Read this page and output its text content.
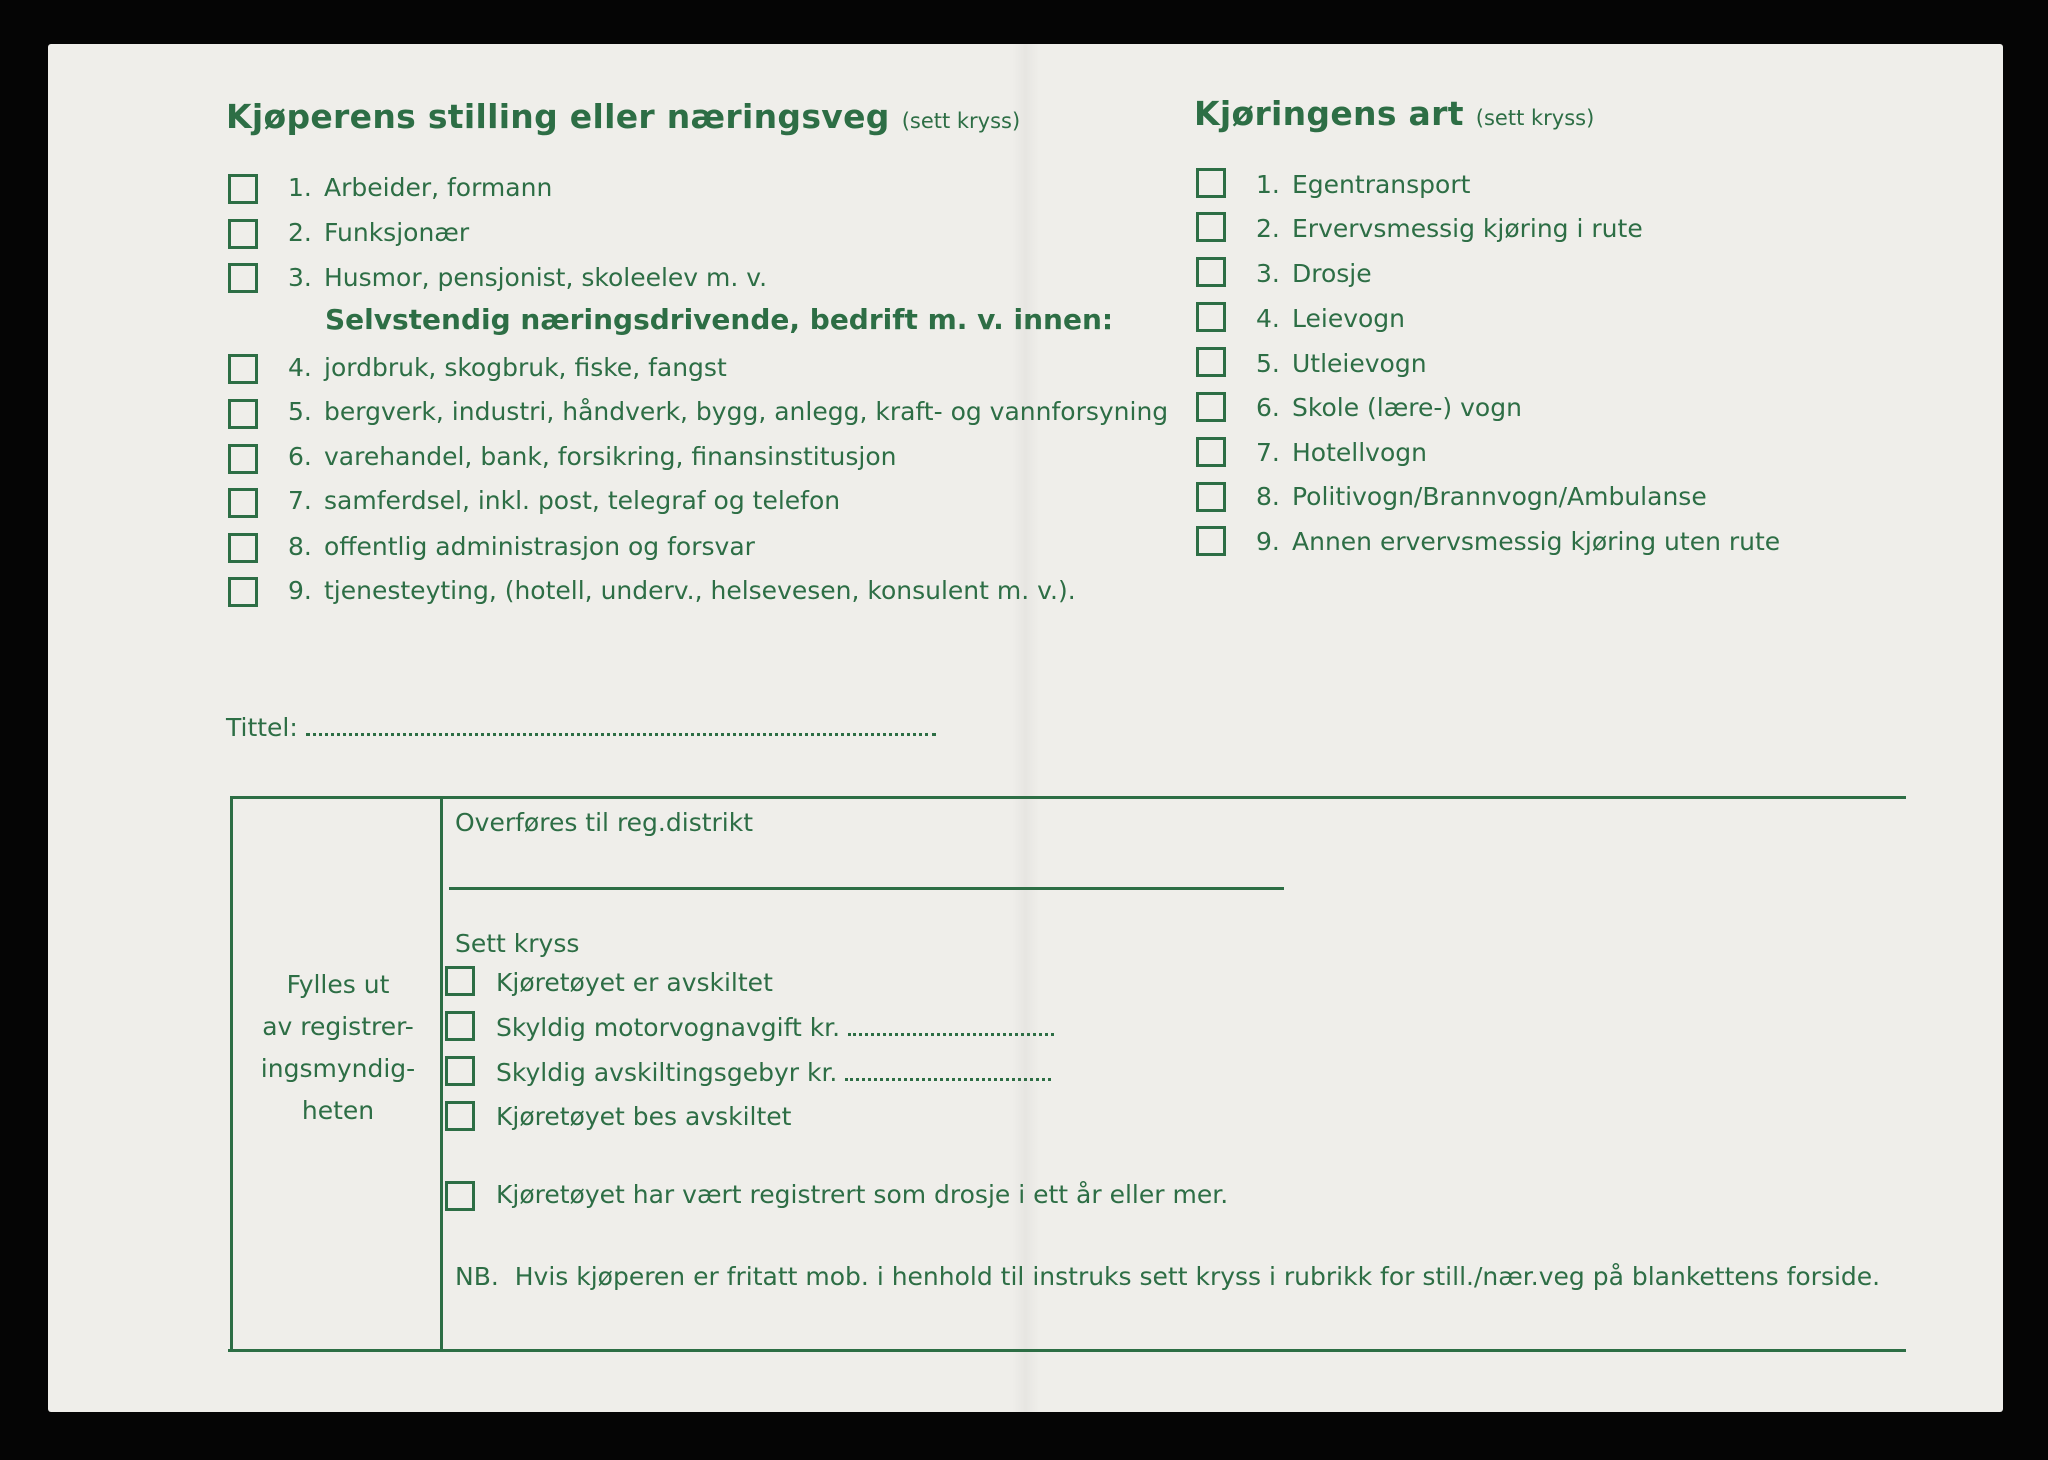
Kjøperens stilling eller næringsveg (sett kryss)
1. Arbeider, formann
2. Funksjonær
3. Husmor, pensjonist, skoleelev m. v.
Selvstendig næringsdrivende, bedrift m. v. innen:
4. jordbruk, skogbruk, fiske, fangst
5. bergverk, industri, håndverk, bygg, anlegg, kraft- og vannforsyning
6. varehandel, bank, forsikring, finansinstitusjon
7. samferdsel, inkl. post, telegraf og telefon
8. offentlig administrasjon og forsvar
9. tjenesteyting, (hotell, underv., helsevesen, konsulent m. v.).
Tittel:
Kjøringens art (sett kryss)
1. Egentransport
2. Ervervsmessig kjøring i rute
3. Drosje
4. Leievogn
5. Utleievogn
6. Skole (lære-) vogn
7. Hotellvogn
8. Politivogn/Brannvogn/Ambulanse
9. Annen ervervsmessig kjøring uten rute
Fylles ut
av registrer-
ingsmyndig-
heten
Overføres til reg.distrikt
Sett kryss
Kjøretøyet er avskiltet
Skyldig motorvognavgift kr.
Skyldig avskiltingsgebyr kr.
Kjøretøyet bes avskiltet
Kjøretøyet har vært registrert som drosje i ett år eller mer.
NB. Hvis kjøperen er fritatt mob. i henhold til instruks sett kryss i rubrikk for still./nær.veg på blankettens forside.
